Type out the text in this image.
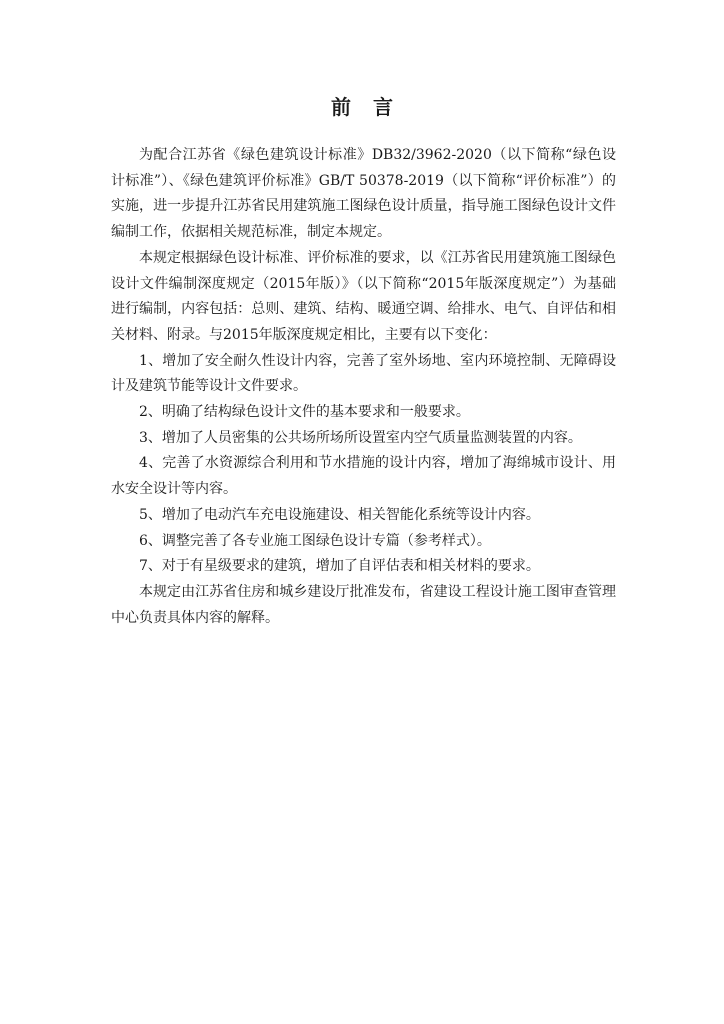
前 言

为配合江苏省《绿色建筑设计标准》DB32/3962-2020（以下简称“绿色设计标准”）、《绿色建筑评价标准》GB/T 50378-2019（以下简称“评价标准”）的实施，进一步提升江苏省民用建筑施工图绿色设计质量，指导施工图绿色设计文件编制工作，依据相关规范标准，制定本规定。

本规定根据绿色设计标准、评价标准的要求，以《江苏省民用建筑施工图绿色设计文件编制深度规定（2015年版）》（以下简称“2015年版深度规定”）为基础进行编制，内容包括：总则、建筑、结构、暖通空调、给排水、电气、自评估和相关材料、附录。与2015年版深度规定相比，主要有以下变化：

1、增加了安全耐久性设计内容，完善了室外场地、室内环境控制、无障碍设计及建筑节能等设计文件要求。

2、明确了结构绿色设计文件的基本要求和一般要求。

3、增加了人员密集的公共场所场所设置室内空气质量监测装置的内容。

4、完善了水资源综合利用和节水措施的设计内容，增加了海绵城市设计、用水安全设计等内容。

5、增加了电动汽车充电设施建设、相关智能化系统等设计内容。

6、调整完善了各专业施工图绿色设计专篇（参考样式）。

7、对于有星级要求的建筑，增加了自评估表和相关材料的要求。

本规定由江苏省住房和城乡建设厅批准发布，省建设工程设计施工图审查管理中心负责具体内容的解释。
